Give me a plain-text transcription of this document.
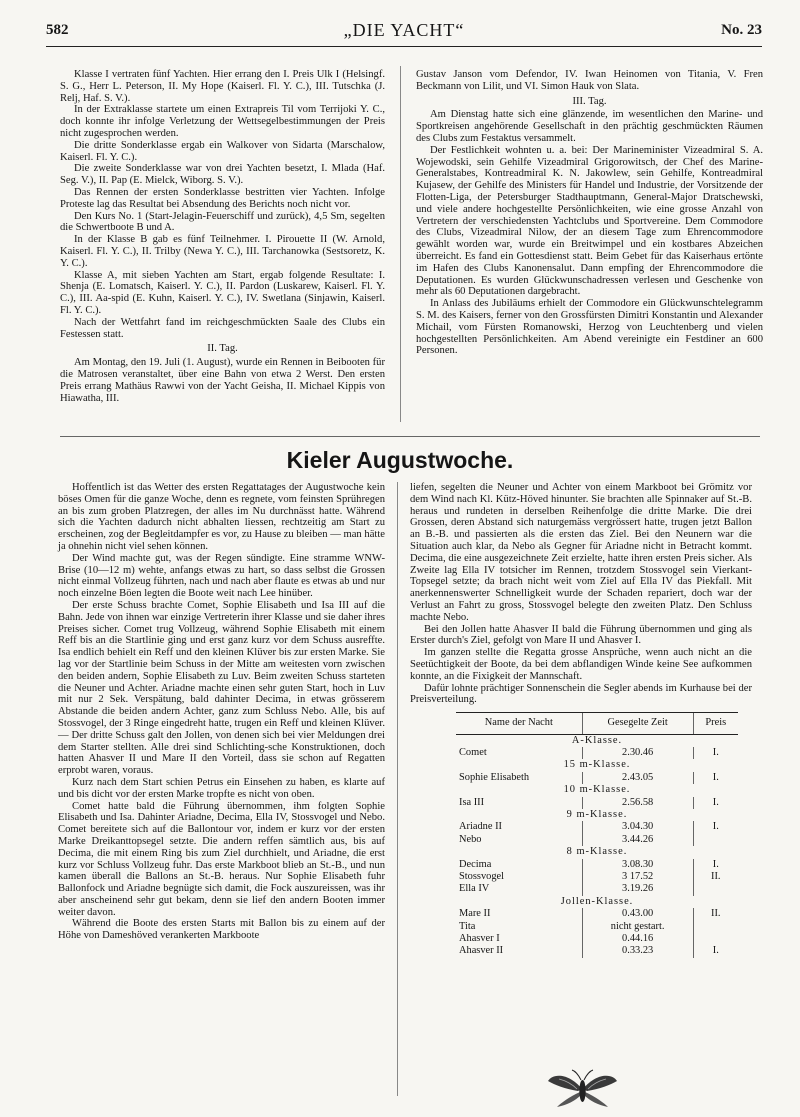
582	„DIE YACHT“	No. 23

Klasse I vertraten fünf Yachten. Hier errang den I. Preis Ulk I (Helsingf. S. G., Herr L. Peterson, II. My Hope (Kaiserl. Fl. Y. C.), III. Tutschka (J. Relj, Haf. S. V.).

In der Extraklasse startete um einen Extrapreis Til vom Terrijoki Y. C., doch konnte ihr infolge Verletzung der Wettsegelbestimmungen der Preis nicht zugesprochen werden.

Die dritte Sonderklasse ergab ein Walkover von Sidarta (Marschalow, Kaiserl. Fl. Y. C.).

Die zweite Sonderklasse war von drei Yachten besetzt, I. Mlada (Haf. Seg. V.), II. Pap (E. Mielck, Wiborg. S. V.).

Das Rennen der ersten Sonderklasse bestritten vier Yachten. Infolge Proteste lag das Resultat bei Absendung des Berichts noch nicht vor.

Den Kurs No. 1 (Start-Jelagin-Feuerschiff und zurück), 4,5 Sm, segelten die Schwertboote B und A.

In der Klasse B gab es fünf Teilnehmer. I. Pirouette II (W. Arnold, Kaiserl. Fl. Y. C.), II. Trilby (Newa Y. C.), III. Tarchanowka (Sestsoretz, K. Y. C.).

Klasse A, mit sieben Yachten am Start, ergab folgende Resultate: I. Shenja (E. Lomatsch, Kaiserl. Y. C.), II. Pardon (Luskarew, Kaiserl. Fl. Y. C.), III. Aa-spid (E. Kuhn, Kaiserl. Y. C.), IV. Swetlana (Sinjawin, Kaiserl. Fl. Y. C.).

Nach der Wettfahrt fand im reichgeschmückten Saale des Clubs ein Festessen statt.

II. Tag.

Am Montag, den 19. Juli (1. August), wurde ein Rennen in Beibooten für die Matrosen veranstaltet, über eine Bahn von etwa 2 Werst. Den ersten Preis errang Mathäus Rawwi von der Yacht Geisha, II. Michael Kippis von Hiawatha, III.

Gustav Janson vom Defendor, IV. Iwan Heinomen von Titania, V. Fren Beckmann von Lilit, und VI. Simon Hauk von Slata.

III. Tag.

Am Dienstag hatte sich eine glänzende, im wesentlichen den Marine- und Sportkreisen angehörende Gesellschaft in den prächtig geschmückten Räumen des Clubs zum Festaktus versammelt.

Der Festlichkeit wohnten u. a. bei: Der Marineminister Vizeadmiral S. A. Wojewodski, sein Gehilfe Vizeadmiral Grigorowitsch, der Chef des Marine-Generalstabes, Kontreadmiral K. N. Jakowlew, sein Gehilfe, Kontreadmiral Kujasew, der Gehilfe des Ministers für Handel und Industrie, der Vorsitzende der Flotten-Liga, der Petersburger Stadthauptmann, General-Major Dratschewski, und viele andere hochgestellte Persönlichkeiten, wie eine grosse Anzahl von Vertretern der verschiedensten Yachtclubs und Sportvereine. Dem Commodore des Clubs, Vizeadmiral Nilow, der an diesem Tage zum Ehrencommodore gewählt worden war, wurde ein Breitwimpel und ein kostbares Abzeichen überreicht. Es fand ein Gottesdienst statt. Beim Gebet für das Kaiserhaus ertönte im Hafen des Clubs Kanonensalut. Dann empfing der Ehrencommodore die Deputationen. Es wurden Glückwunschadressen verlesen und Geschenke von mehr als 60 Deputationen dargebracht.

In Anlass des Jubiläums erhielt der Commodore ein Glückwunschtelegramm S. M. des Kaisers, ferner von den Grossfürsten Dimitri Konstantin und Alexander Michail, vom Fürsten Romanowski, Herzog von Leuchtenberg und vielen hochgestellten Persönlichkeiten. Am Abend vereinigte ein Festdiner an 600 Personen.

Kieler Augustwoche.

Hoffentlich ist das Wetter des ersten Regattatages der Augustwoche kein böses Omen für die ganze Woche, denn es regnete, vom feinsten Sprühregen an bis zum groben Platzregen, der alles im Nu durchnässt hatte. Während sich die Yachten dadurch nicht abhalten liessen, rechtzeitig am Start zu erscheinen, zog der Begleitdampfer es vor, zu Hause zu bleiben — man hätte ja ohnehin nicht viel sehen können.

Der Wind machte gut, was der Regen sündigte. Eine stramme WNW-Brise (10—12 m) wehte, anfangs etwas zu hart, so dass selbst die Grossen nicht einmal Vollzeug führten, nach und nach aber flaute es etwas ab und nur noch einzelne Böen legten die Boote weit nach Lee hinüber.

Der erste Schuss brachte Comet, Sophie Elisabeth und Isa III auf die Bahn. Jede von ihnen war einzige Vertreterin ihrer Klasse und sie daher ihres Preises sicher. Comet trug Vollzeug, während Sophie Elisabeth mit einem Reff bis an die Startlinie ging und erst ganz kurz vor dem Schuss ausreffte. Isa endlich behielt ein Reff und den kleinen Klüver bis zur ersten Marke. Sie lag vor der Startlinie beim Schuss in der Mitte am weitesten vorn zwischen den beiden andern, Sophie Elisabeth zu Luv. Beim zweiten Schuss starteten die Neuner und Achter. Ariadne machte einen sehr guten Start, hoch in Luv mit nur 2 Sek. Verspätung, bald dahinter Decima, in etwas grösserem Abstande die beiden andern Achter, ganz zum Schluss Nebo. Alle, bis auf Stossvogel, der 3 Ringe eingedreht hatte, trugen ein Reff und kleinen Klüver. — Der dritte Schuss galt den Jollen, von denen sich bei vier Meldungen drei dem Starter stellten. Alle drei sind Schlichting-sche Konstruktionen, doch hatten Ahasver II und Mare II den Vorteil, dass sie schon auf Regatten erprobt waren, voraus.

Kurz nach dem Start schien Petrus ein Einsehen zu haben, es klarte auf und bis dicht vor der ersten Marke tropfte es nicht von oben.

Comet hatte bald die Führung übernommen, ihm folgten Sophie Elisabeth und Isa. Dahinter Ariadne, Decima, Ella IV, Stossvogel und Nebo. Comet bereitete sich auf die Ballontour vor, indem er kurz vor der ersten Marke Dreikanttopsegel setzte. Die andern reffen sämtlich aus, bis auf Decima, die mit einem Ring bis zum Ziel durchhielt, und Ariadne, die erst kurz vor Schluss Vollzeug fuhr. Das erste Markboot blieb an St.-B., und nun kamen überall die Ballons an St.-B. heraus. Nur Sophie Elisabeth fuhr Ballonfock und Ariadne begnügte sich damit, die Fock auszureissen, was ihr aber anscheinend sehr gut bekam, denn sie lief den andern Booten immer weiter davon.

Während die Boote des ersten Starts mit Ballon bis zu einem auf der Höhe von Dameshöved verankerten Markboote

liefen, segelten die Neuner und Achter von einem Markboot bei Grömitz vor dem Wind nach Kl. Kütz-Höved hinunter. Sie brachten alle Spinnaker auf St.-B. heraus und rundeten in derselben Reihenfolge die dritte Marke. Die drei Grossen, deren Abstand sich naturgemäss vergrössert hatte, trugen jetzt Ballon an B.-B. und passierten als die ersten das Ziel. Bei den Neunern war die Situation auch klar, da Nebo als Gegner für Ariadne nicht in Betracht kommt. Decima, die eine ausgezeichnete Zeit erzielte, hatte ihren ersten Preis sicher. Als Zweite lag Ella IV totsicher im Rennen, trotzdem Stossvogel sein Vierkant-Topsegel setzte; da brach nicht weit vom Ziel auf Ella IV das Piekfall. Mit anerkennenswerter Schnelligkeit wurde der Schaden repariert, doch war der Verlust an Fahrt zu gross, Stossvogel belegte den zweiten Platz. Den Schluss machte Nebo.

Bei den Jollen hatte Ahasver II bald die Führung übernommen und ging als Erster durch's Ziel, gefolgt von Mare II und Ahasver I.

Im ganzen stellte die Regatta grosse Ansprüche, wenn auch nicht an die Seetüchtigkeit der Boote, da bei dem abflandigen Winde keine See aufkommen konnte, an die Fixigkeit der Mannschaft.

Dafür lohnte prächtiger Sonnenschein die Segler abends im Kurhause bei der Preisverteilung.

Name der Nacht	Gesegelte Zeit	Preis
A-Klasse.		
Comet	2.30.46	I.
15 m-Klasse.		
Sophie Elisabeth	2.43.05	I.
10 m-Klasse.		
Isa III	2.56.58	I.
9 m-Klasse.		
Ariadne II	3.04.30	I.
Nebo	3.44.26	
8 m-Klasse.		
Decima	3.08.30	I.
Stossvogel	3 17.52	II.
Ella IV	3.19.26	
Jollen-Klasse.		
Mare II	0.43.00	II.
Tita	nicht gestart.	
Ahasver I	0.44.16	
Ahasver II	0.33.23	I.
